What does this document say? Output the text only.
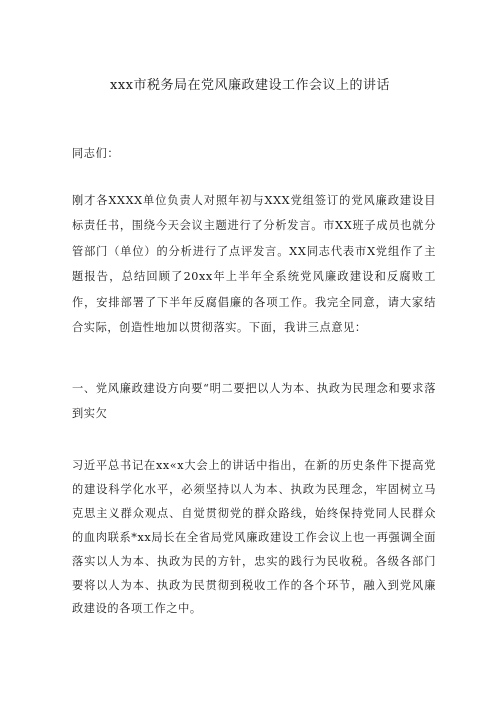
xxx市税务局在党风廉政建设工作会议上的讲话
同志们：
刚才各XXXX单位负责人对照年初与XXX党组签订的党风廉政建设目标责任书，围绕今天会议主题进行了分析发言。市XX班子成员也就分管部门（单位）的分析进行了点评发言。XX同志代表市X党组作了主题报告，总结回顾了20xx年上半年全系统党风廉政建设和反腐败工作，安排部署了下半年反腐倡廉的各项工作。我完全同意，请大家结合实际，创造性地加以贯彻落实。下面，我讲三点意见：
一、党风廉政建设方向要“明二要把以人为本、执政为民理念和要求落到实欠
习近平总书记在xx«x大会上的讲话中指出，在新的历史条件下提高党的建设科学化水平，必须坚持以人为本、执政为民理念，牢固树立马克思主义群众观点、自觉贯彻党的群众路线，始终保持党同人民群众的血肉联系*xx局长在全省局党风廉政建设工作会议上也一再强调全面落实以人为本、执政为民的方针，忠实的践行为民收税。各级各部门要将以人为本、执政为民贯彻到税收工作的各个环节，融入到党风廉政建设的各项工作之中。
